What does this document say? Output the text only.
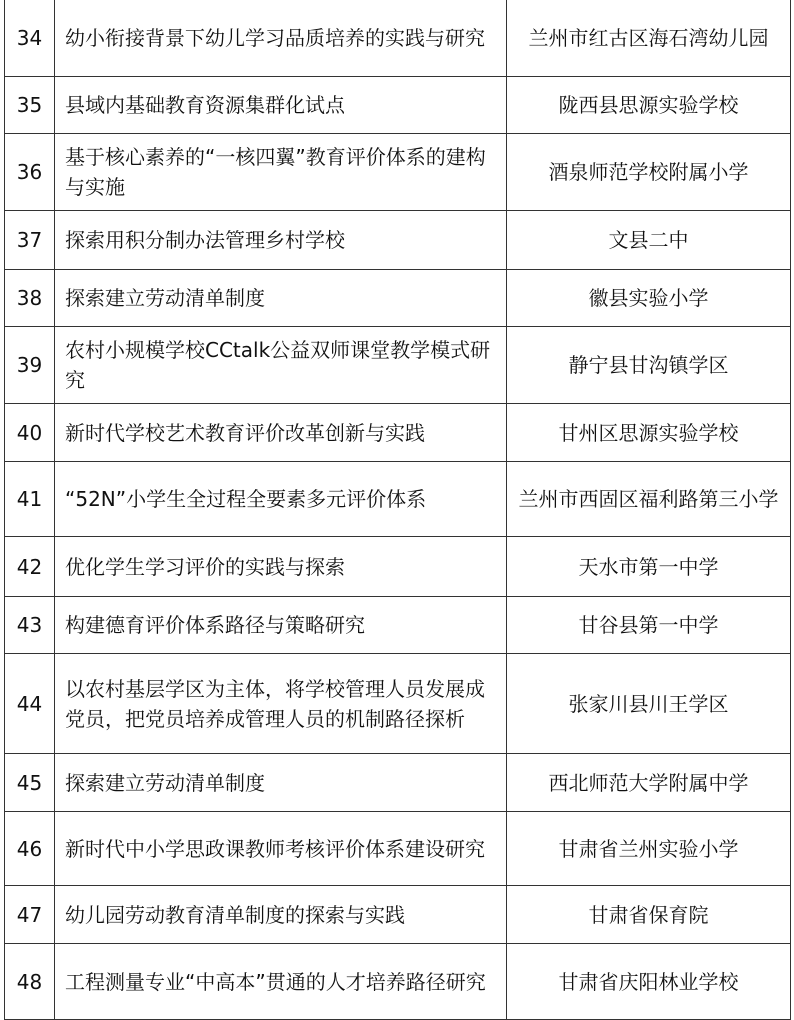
34	幼小衔接背景下幼儿学习品质培养的实践与研究	兰州市红古区海石湾幼儿园
35	县域内基础教育资源集群化试点	陇西县思源实验学校
36	基于核心素养的“一核四翼”教育评价体系的建构与实施	酒泉师范学校附属小学
37	探索用积分制办法管理乡村学校	文县二中
38	探索建立劳动清单制度	徽县实验小学
39	农村小规模学校CCtalk公益双师课堂教学模式研究	静宁县甘沟镇学区
40	新时代学校艺术教育评价改革创新与实践	甘州区思源实验学校
41	“52N”小学生全过程全要素多元评价体系	兰州市西固区福利路第三小学
42	优化学生学习评价的实践与探索	天水市第一中学
43	构建德育评价体系路径与策略研究	甘谷县第一中学
44	以农村基层学区为主体，将学校管理人员发展成党员，把党员培养成管理人员的机制路径探析	张家川县川王学区
45	探索建立劳动清单制度	西北师范大学附属中学
46	新时代中小学思政课教师考核评价体系建设研究	甘肃省兰州实验小学
47	幼儿园劳动教育清单制度的探索与实践	甘肃省保育院
48	工程测量专业“中高本”贯通的人才培养路径研究	甘肃省庆阳林业学校
